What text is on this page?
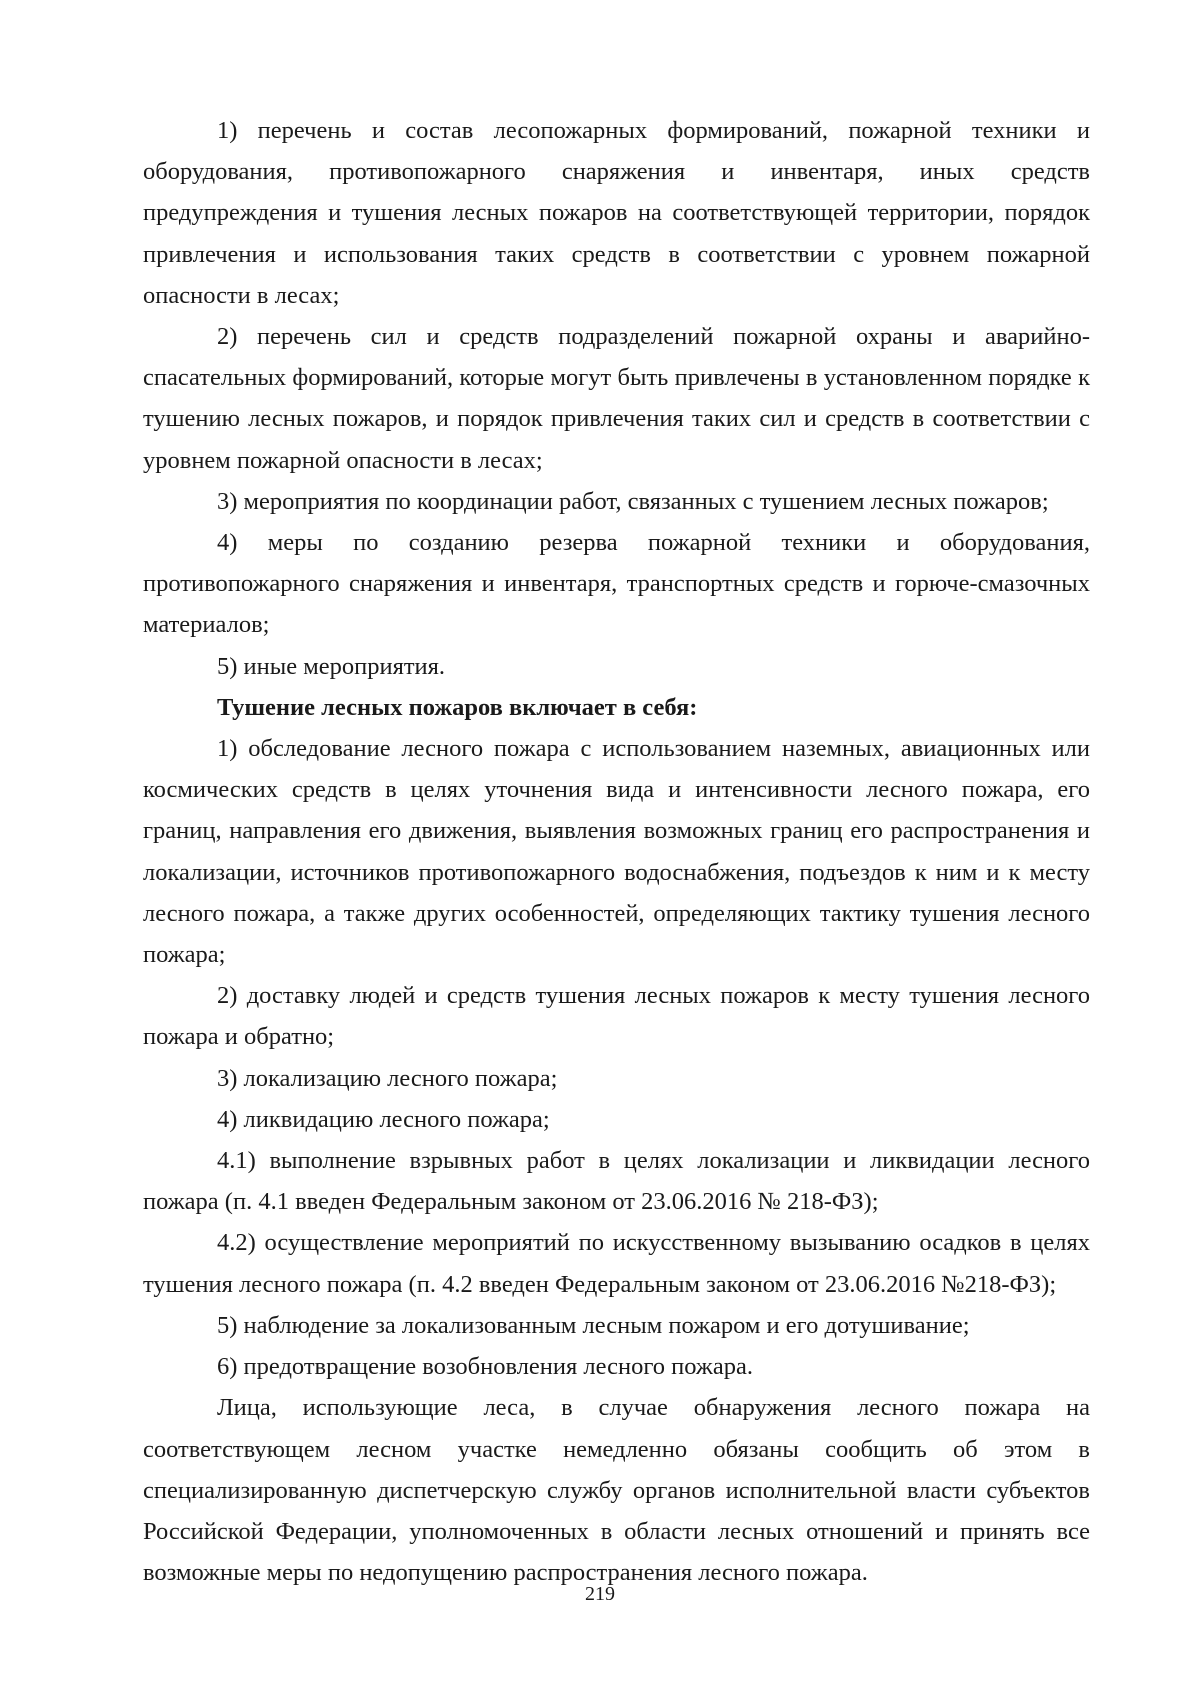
1) перечень и состав лесопожарных формирований, пожарной техники и оборудования, противопожарного снаряжения и инвентаря, иных средств предупреждения и тушения лесных пожаров на соответствующей территории, порядок привлечения и использования таких средств в соответствии с уровнем пожарной опасности в лесах;

2) перечень сил и средств подразделений пожарной охраны и аварийно-спасательных формирований, которые могут быть привлечены в установленном порядке к тушению лесных пожаров, и порядок привлечения таких сил и средств в соответствии с уровнем пожарной опасности в лесах;

3) мероприятия по координации работ, связанных с тушением лесных пожаров;

4) меры по созданию резерва пожарной техники и оборудования, противопожарного снаряжения и инвентаря, транспортных средств и горюче-смазочных материалов;

5) иные мероприятия.

Тушение лесных пожаров включает в себя:

1) обследование лесного пожара с использованием наземных, авиационных или космических средств в целях уточнения вида и интенсивности лесного пожара, его границ, направления его движения, выявления возможных границ его распространения и локализации, источников противопожарного водоснабжения, подъездов к ним и к месту лесного пожара, а также других особенностей, определяющих тактику тушения лесного пожара;

2) доставку людей и средств тушения лесных пожаров к месту тушения лесного пожара и обратно;

3) локализацию лесного пожара;

4) ликвидацию лесного пожара;

4.1) выполнение взрывных работ в целях локализации и ликвидации лесного пожара (п. 4.1 введен Федеральным законом от 23.06.2016 № 218-ФЗ);

4.2) осуществление мероприятий по искусственному вызыванию осадков в целях тушения лесного пожара (п. 4.2 введен Федеральным законом от 23.06.2016 №218-ФЗ);

5) наблюдение за локализованным лесным пожаром и его дотушивание;

6) предотвращение возобновления лесного пожара.

Лица, использующие леса, в случае обнаружения лесного пожара на соответствующем лесном участке немедленно обязаны сообщить об этом в специализированную диспетчерскую службу органов исполнительной власти субъектов Российской Федерации, уполномоченных в области лесных отношений и принять все возможные меры по недопущению распространения лесного пожара.

219
